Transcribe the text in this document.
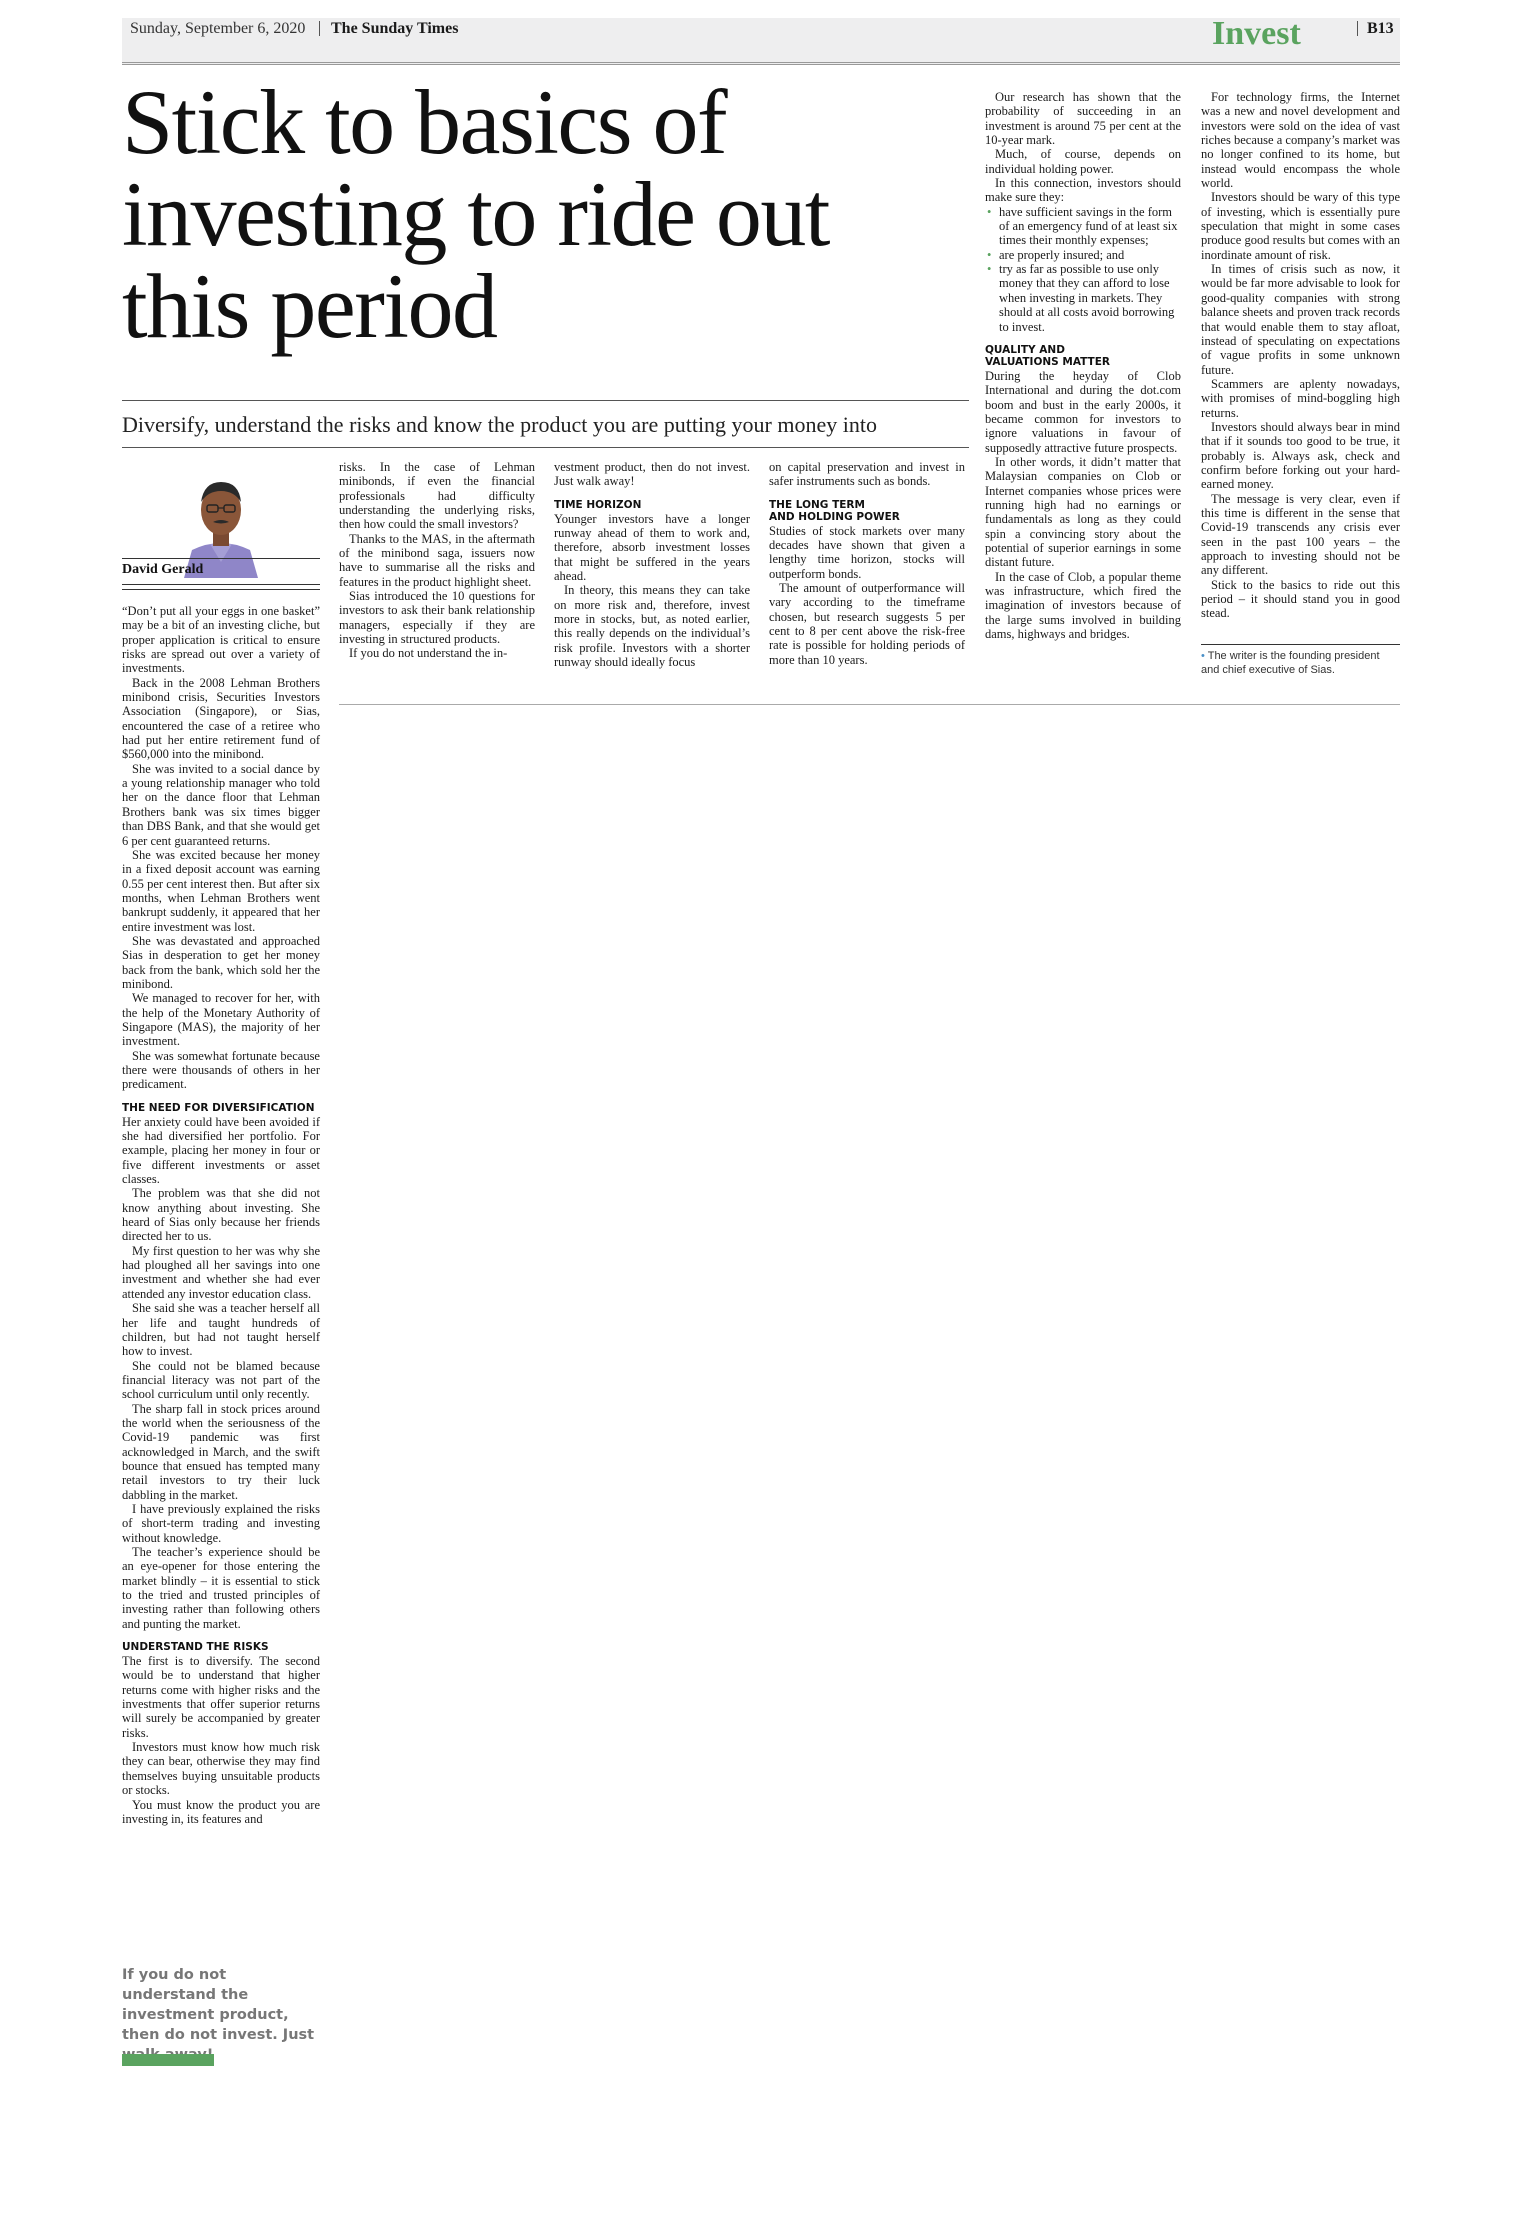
Sunday, September 6, 2020 The Sunday Times	Invest	B13
Stick to basics of investing to ride out this period

Diversify, understand the risks and know the product you are putting your money into

David Gerald

“Don’t put all your eggs in one basket” may be a bit of an investing cliche, but proper application is critical to ensure risks are spread out over a variety of investments.

Back in the 2008 Lehman Brothers minibond crisis, Securities Investors Association (Singapore), or Sias, encountered the case of a retiree who had put her entire retirement fund of $560,000 into the minibond.

She was invited to a social dance by a young relationship manager who told her on the dance floor that Lehman Brothers bank was six times bigger than DBS Bank, and that she would get 6 per cent guaranteed returns.

She was excited because her money in a fixed deposit account was earning 0.55 per cent interest then. But after six months, when Lehman Brothers went bankrupt suddenly, it appeared that her entire investment was lost.

She was devastated and approached Sias in desperation to get her money back from the bank, which sold her the minibond.

We managed to recover for her, with the help of the Monetary Authority of Singapore (MAS), the majority of her investment.

She was somewhat fortunate because there were thousands of others in her predicament.

THE NEED FOR DIVERSIFICATION

Her anxiety could have been avoided if she had diversified her portfolio. For example, placing her money in four or five different investments or asset classes.

The problem was that she did not know anything about investing. She heard of Sias only because her friends directed her to us.

My first question to her was why she had ploughed all her savings into one investment and whether she had ever attended any investor education class.

She said she was a teacher herself all her life and taught hundreds of children, but had not taught herself how to invest.

She could not be blamed because financial literacy was not part of the school curriculum until only recently.

The sharp fall in stock prices around the world when the seriousness of the Covid-19 pandemic was first acknowledged in March, and the swift bounce that ensued has tempted many retail investors to try their luck dabbling in the market.

I have previously explained the risks of short-term trading and investing without knowledge.

The teacher’s experience should be an eye-opener for those entering the market blindly – it is essential to stick to the tried and trusted principles of investing rather than following others and punting the market.

UNDERSTAND THE RISKS

The first is to diversify. The second would be to understand that higher returns come with higher risks and the investments that offer superior returns will surely be accompanied by greater risks.

Investors must know how much risk they can bear, otherwise they may find themselves buying unsuitable products or stocks.

You must know the product you are investing in, its features and

risks. In the case of Lehman minibonds, if even the financial professionals had difficulty understanding the underlying risks, then how could the small investors?

Thanks to the MAS, in the aftermath of the minibond saga, issuers now have to summarise all the risks and features in the product highlight sheet.

Sias introduced the 10 questions for investors to ask their bank relationship managers, especially if they are investing in structured products.

If you do not understand the in-

vestment product, then do not invest. Just walk away!

TIME HORIZON

Younger investors have a longer runway ahead of them to work and, therefore, absorb investment losses that might be suffered in the years ahead.

In theory, this means they can take on more risk and, therefore, invest more in stocks, but, as noted earlier, this really depends on the individual’s risk profile. Investors with a shorter runway should ideally focus

on capital preservation and invest in safer instruments such as bonds.

THE LONG TERM
AND HOLDING POWER

Studies of stock markets over many decades have shown that given a lengthy time horizon, stocks will outperform bonds.

The amount of outperformance will vary according to the timeframe chosen, but research suggests 5 per cent to 8 per cent above the risk-free rate is possible for holding periods of more than 10 years.

Our research has shown that the probability of succeeding in an investment is around 75 per cent at the 10-year mark.

Much, of course, depends on individual holding power.

In this connection, investors should make sure they:

• have sufficient savings in the form of an emergency fund of at least six times their monthly expenses;
• are properly insured; and
• try as far as possible to use only money that they can afford to lose when investing in markets. They should at all costs avoid borrowing to invest.
QUALITY AND
VALUATIONS MATTER

During the heyday of Clob International and during the dot.com boom and bust in the early 2000s, it became common for investors to ignore valuations in favour of supposedly attractive future prospects.

In other words, it didn’t matter that Malaysian companies on Clob or Internet companies whose prices were running high had no earnings or fundamentals as long as they could spin a convincing story about the potential of superior earnings in some distant future.

In the case of Clob, a popular theme was infrastructure, which fired the imagination of investors because of the large sums involved in building dams, highways and bridges.

For technology firms, the Internet was a new and novel development and investors were sold on the idea of vast riches because a company’s market was no longer confined to its home, but instead would encompass the whole world.

Investors should be wary of this type of investing, which is essentially pure speculation that might in some cases produce good results but comes with an inordinate amount of risk.

In times of crisis such as now, it would be far more advisable to look for good-quality companies with strong balance sheets and proven track records that would enable them to stay afloat, instead of speculating on expectations of vague profits in some unknown future.

Scammers are aplenty nowadays, with promises of mind-boggling high returns.

Investors should always bear in mind that if it sounds too good to be true, it probably is. Always ask, check and confirm before forking out your hard-earned money.

The message is very clear, even if this time is different in the sense that Covid-19 transcends any crisis ever seen in the past 100 years – the approach to investing should not be any different.

Stick to the basics to ride out this period – it should stand you in good stead.

• The writer is the founding president and chief executive of Sias.

If you do not understand the investment product, then do not invest. Just
